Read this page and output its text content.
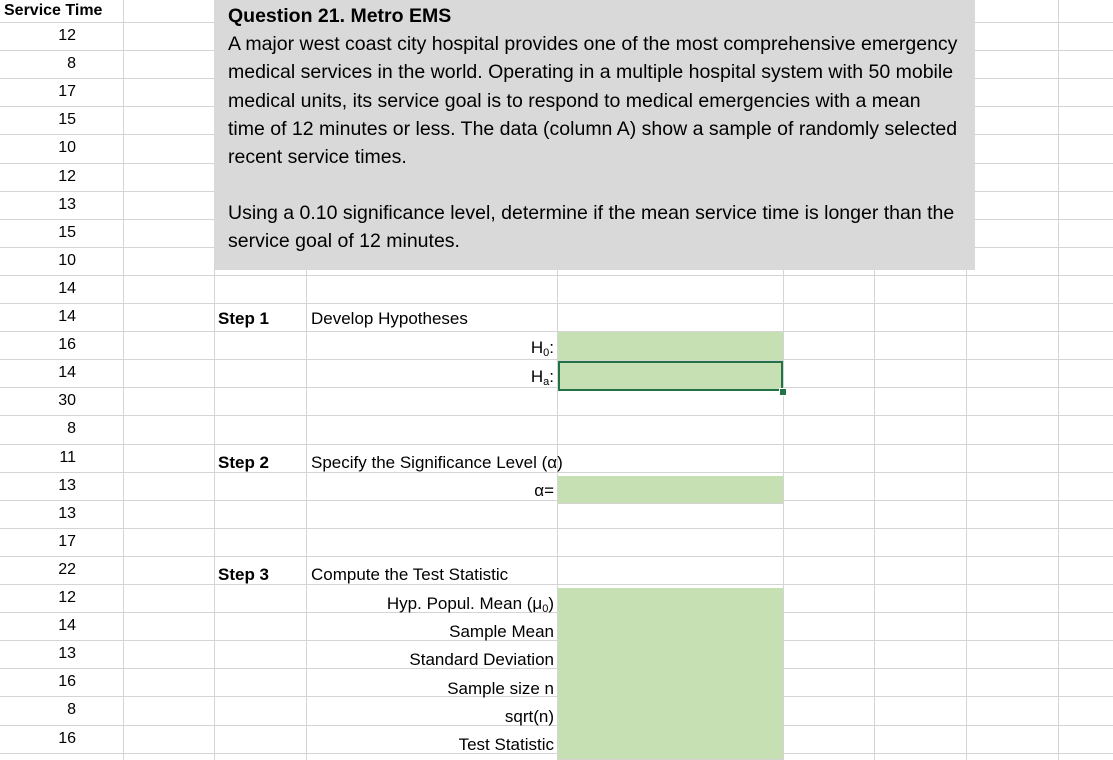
Service Time
12
8
17
15
10
12
13
15
10
14
14
16
14
30
8
11
13
13
17
22
12
14
13
16
8
16

Question 21. Metro EMS

A major west coast city hospital provides one of the most comprehensive emergency medical services in the world. Operating in a multiple hospital system with 50 mobile medical units, its service goal is to respond to medical emergencies with a mean time of 12 minutes or less. The data (column A) show a sample of randomly selected recent service times.

Using a 0.10 significance level, determine if the mean service time is longer than the service goal of 12 minutes.

Step 1 Develop Hypotheses
$H_0$:
$H_a$:
Step 2 Specify the Significance Level (α)
α=
Step 3 Compute the Test Statistic
Hyp. Popul. Mean $(\mu_0)$
Sample Mean
Standard Deviation
Sample size n
sqrt(n)
Test Statistic
